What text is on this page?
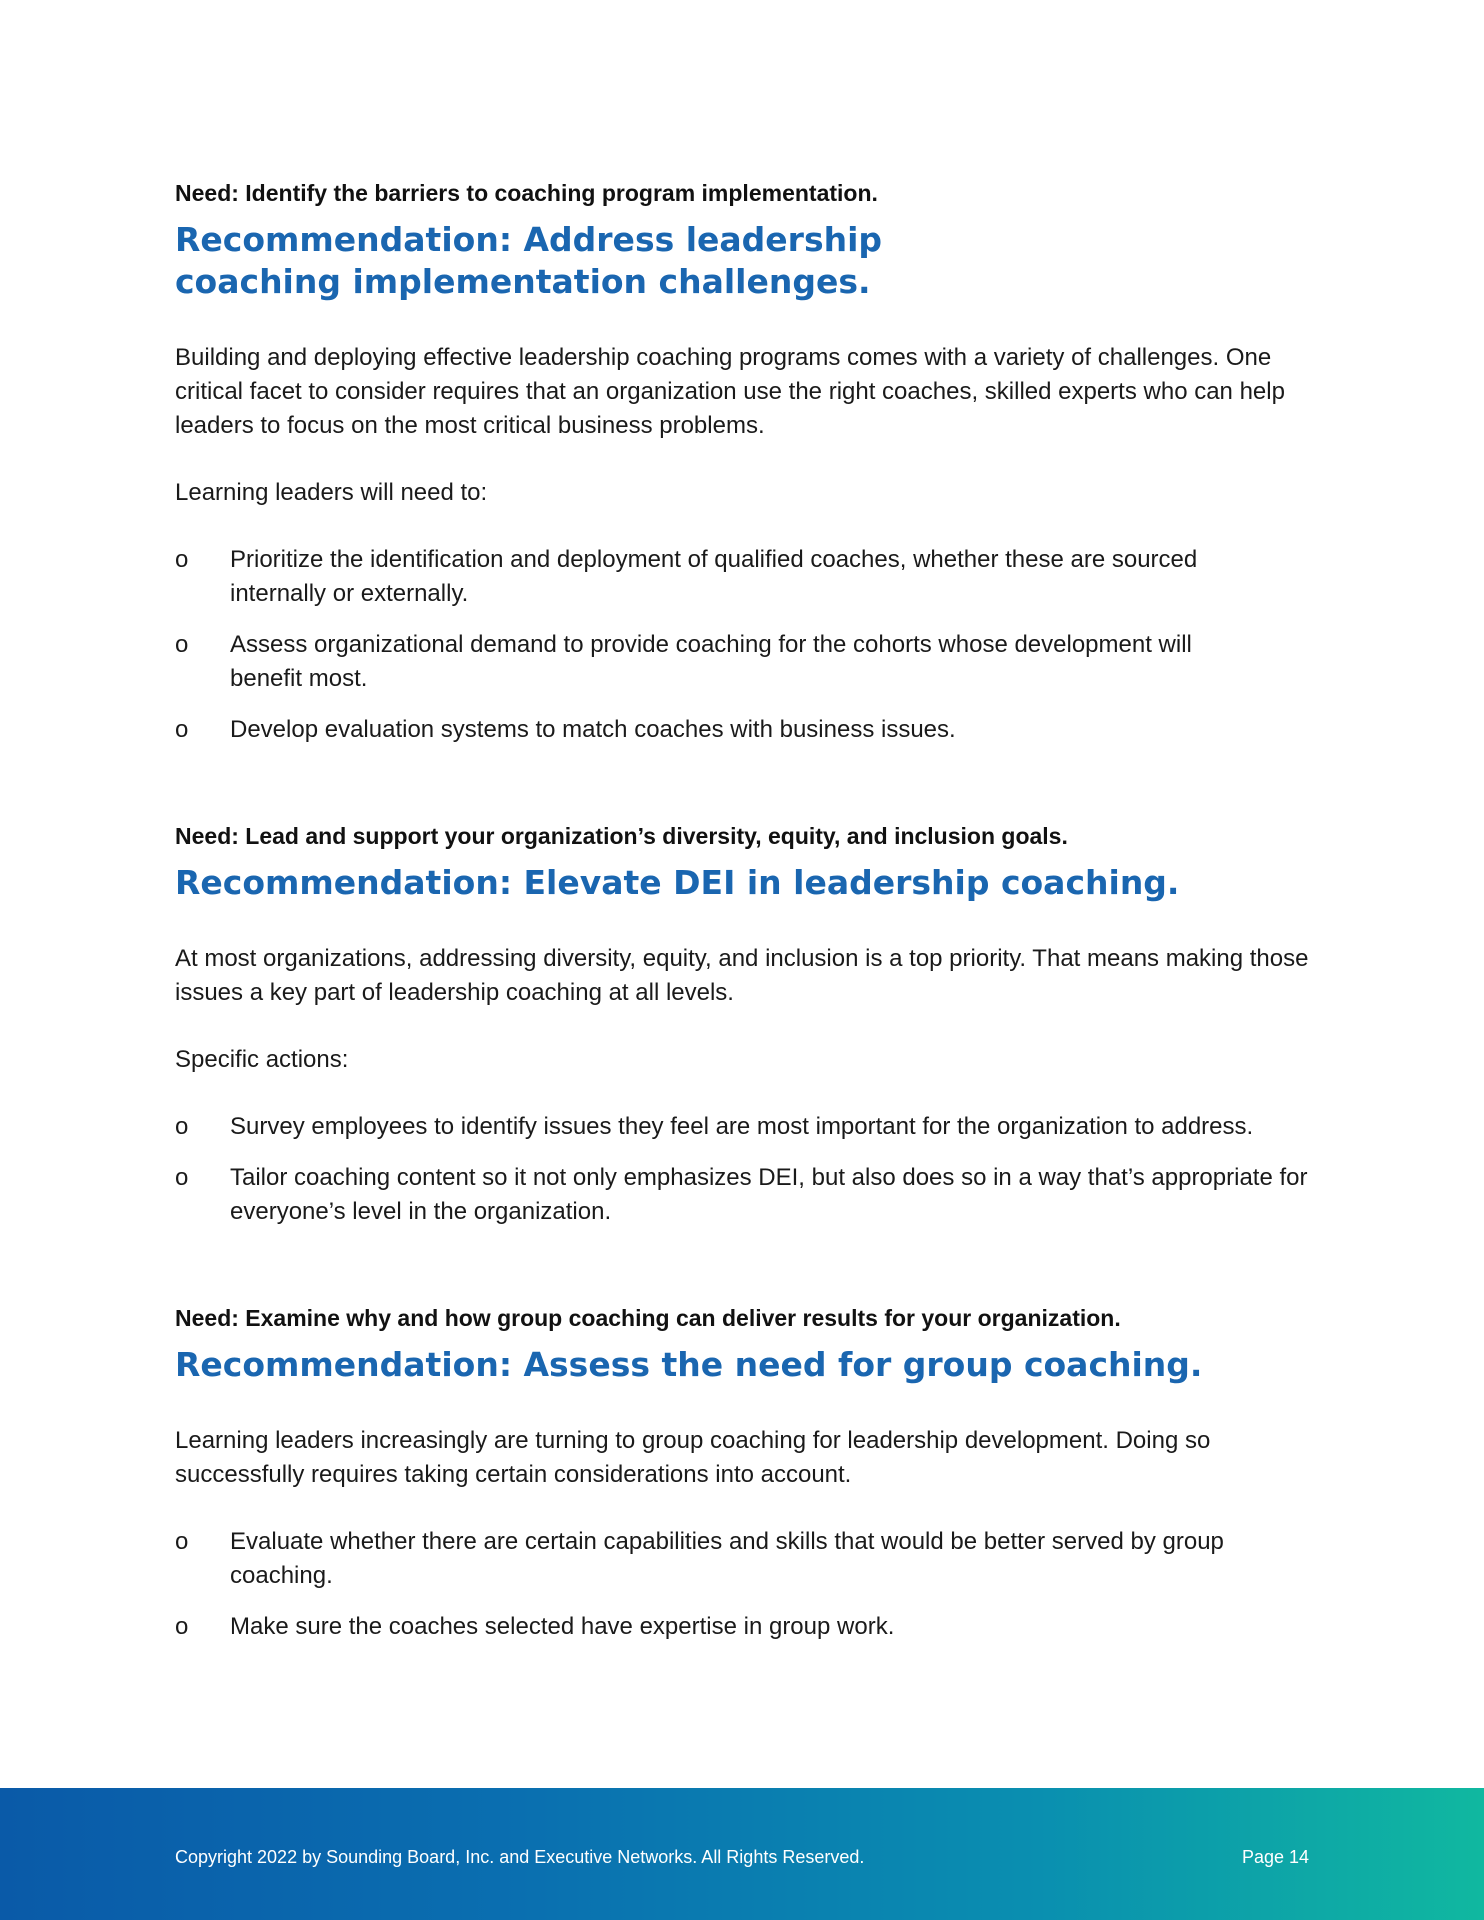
Need: Identify the barriers to coaching program implementation.
Recommendation: Address leadership coaching implementation challenges.

Building and deploying effective leadership coaching programs comes with a variety of challenges. One critical facet to consider requires that an organization use the right coaches, skilled experts who can help leaders to focus on the most critical business problems.

Learning leaders will need to:

o Prioritize the identification and deployment of qualified coaches, whether these are sourced internally or externally.
o Assess organizational demand to provide coaching for the cohorts whose development will benefit most.
o Develop evaluation systems to match coaches with business issues.
Need: Lead and support your organization’s diversity, equity, and inclusion goals.
Recommendation: Elevate DEI in leadership coaching.

At most organizations, addressing diversity, equity, and inclusion is a top priority. That means making those issues a key part of leadership coaching at all levels.

Specific actions:

o Survey employees to identify issues they feel are most important for the organization to address.
o Tailor coaching content so it not only emphasizes DEI, but also does so in a way that’s appropriate for everyone’s level in the organization.
Need: Examine why and how group coaching can deliver results for your organization.
Recommendation: Assess the need for group coaching.

Learning leaders increasingly are turning to group coaching for leadership development. Doing so successfully requires taking certain considerations into account.

o Evaluate whether there are certain capabilities and skills that would be better served by group coaching.
o Make sure the coaches selected have expertise in group work.
Copyright 2022 by Sounding Board, Inc. and Executive Networks. All Rights Reserved.	Page 14
